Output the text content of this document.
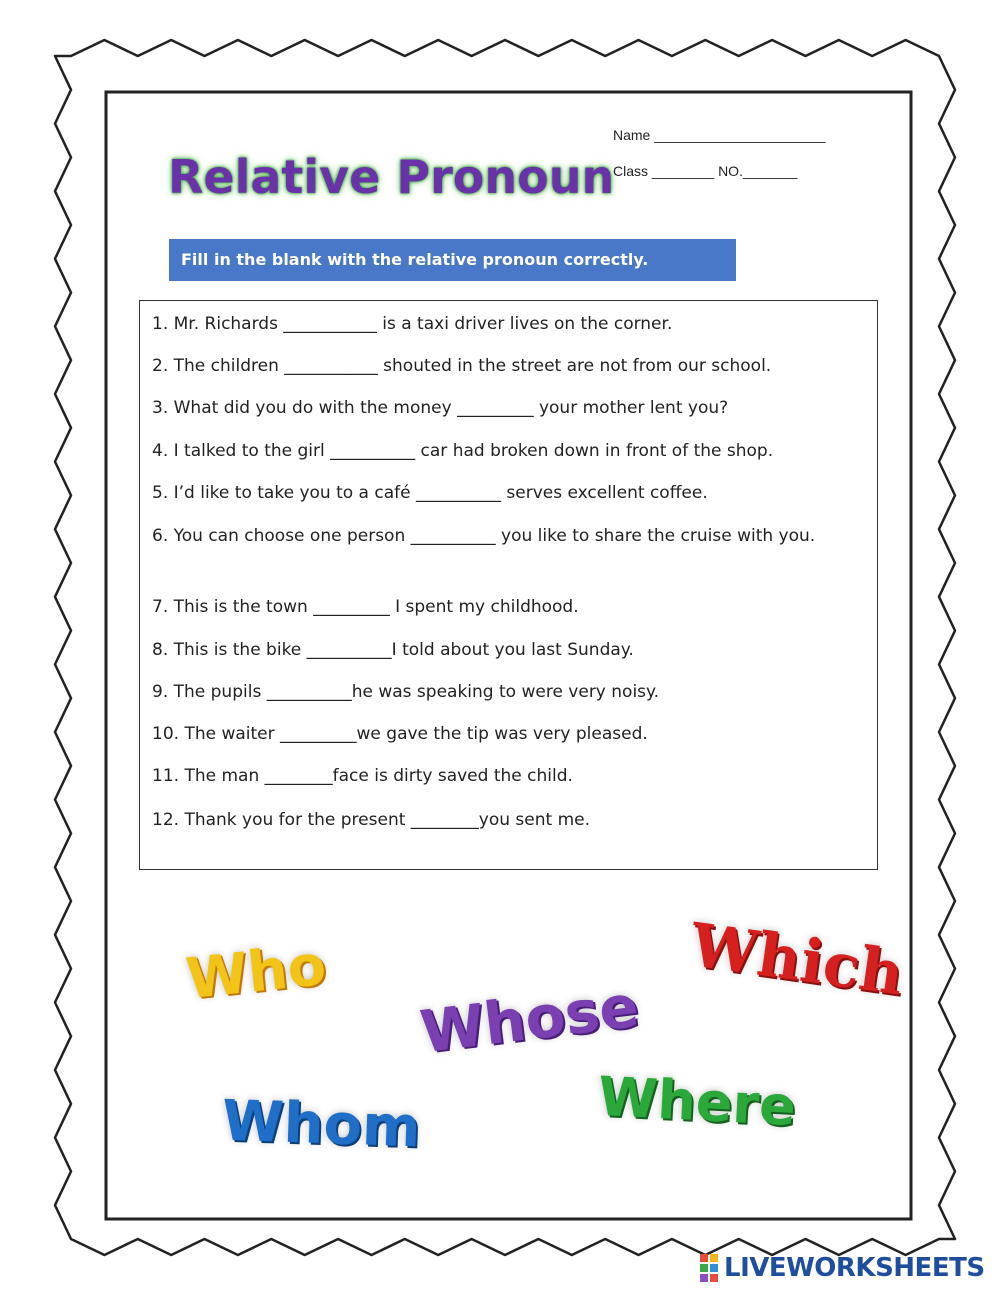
Relative Pronoun
Name ______________________
Class ________ NO._______
Fill in the blank with the relative pronoun correctly.
1. Mr. Richards ___________ is a taxi driver lives on the corner.
2. The children ___________ shouted in the street are not from our school.
3. What did you do with the money _________ your mother lent you?
4. I talked to the girl __________ car had broken down in front of the shop.
5. I’d like to take you to a café __________ serves excellent coffee.
6. You can choose one person __________ you like to share the cruise with you.
7. This is the town _________ I spent my childhood.
8. This is the bike __________I told about you last Sunday.
9. The pupils __________he was speaking to were very noisy.
10. The waiter _________we gave the tip was very pleased.
11. The man ________face is dirty saved the child.
12. Thank you for the present ________you sent me.
Who	Which
Whose
Whom	Where
LIVEWORKSHEETS
